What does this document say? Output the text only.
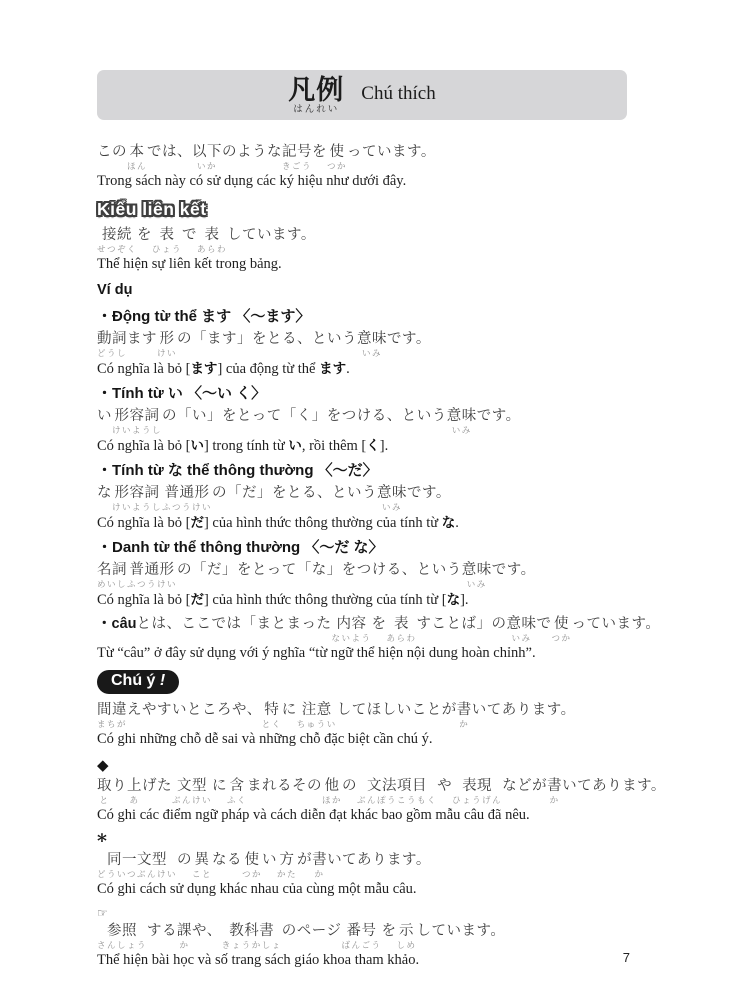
凡例
はんれい
Chú thích
この 本
ほん
では、 以下
いか
のような 記号
きごう
を 使
つか
っています。
Trong sách này có sử dụng các ký hiệu như dưới đây.
Kiểu liên kết
接続
せつぞく
を 表
ひょう
で 表
あらわ
しています。
Thể hiện sự liên kết trong bảng.
Ví dụ
・Động từ thể ます 〈〜ます〉
動詞
どうし
ます 形
けい
の「ます」をとる、という 意味
いみ
です。
Có nghĩa là bỏ [ます] của động từ thể ます.
・Tính từ い 〈〜い く〉
い 形容詞
けいようし
の「い」をとって「く」をつける、という 意味
いみ
です。
Có nghĩa là bỏ [い] trong tính từ い, rồi thêm [く].
・Tính từ な thể thông thường 〈〜だ〉
な 形容詞
けいようし
普通形
ふつうけい
の「だ」をとる、という 意味
いみ
です。
Có nghĩa là bỏ [だ] của hình thức thông thường của tính từ な.
・Danh từ thể thông thường 〈〜だ な〉
名詞
めいし
普通形
ふつうけい
の「だ」をとって「な」をつける、という 意味
いみ
です。
Có nghĩa là bỏ [だ] của hình thức thông thường của tính từ [な].
・câu とは、ここでは「まとまった 内容
ないよう
を 表
あらわ
すことば」の 意味
いみ
で 使
つか
っています。
Từ “câu” ở đây sử dụng với ý nghĩa “từ ngữ thể hiện nội dung hoàn chỉnh”.
Chú ý !
間違
まちが
えやすいところや、 特
とく
に 注意
ちゅうい
してほしいことが 書
か
いてあります。
Có ghi những chỗ dễ sai và những chỗ đặc biệt cần chú ý.
◆
取
と
り 上
あ
げた 文型
ぶんけい
に 含
ふく
まれるその 他
ほか
の 文法項目
ぶんぽうこうもく
や 表現
ひょうげん
などが 書
か
いてあります。
Có ghi các điểm ngữ pháp và cách diễn đạt khác bao gồm mẫu câu đã nêu.
*
同一文型
どういつぶんけい
の 異
こと
なる 使
つか
い 方
かた
が 書
か
いてあります。
Có ghi cách sử dụng khác nhau của cùng một mẫu câu.
☞
参照
さんしょう
する 課
か
や、 教科書
きょうかしょ
の ページ 番号
ばんごう
を 示
しめ
しています。
Thể hiện bài học và số trang sách giáo khoa tham khảo.	7
